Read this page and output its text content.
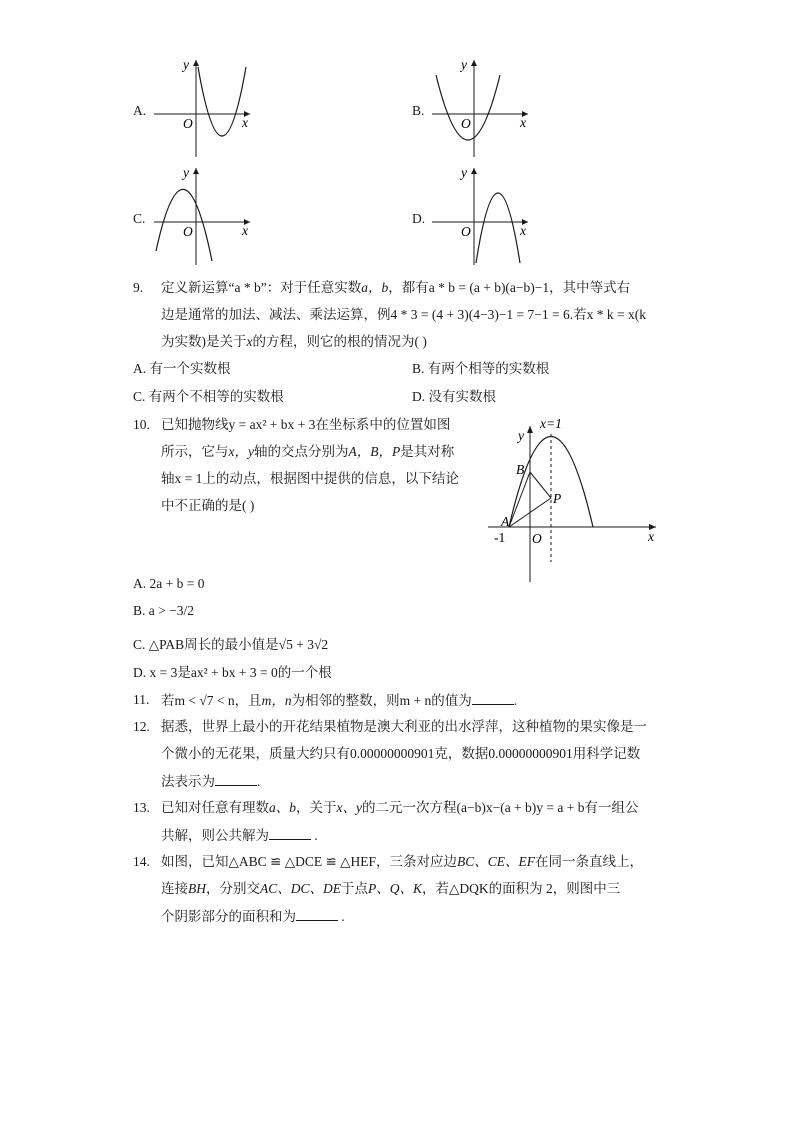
A.
y
x
O
B.
y
x
O
C.
y
x
O
D.
y
x
O
9. 定义新运算“a * b”：对于任意实数a，b，都有a * b = (a + b)(a−b)−1，其中等式右
边是通常的加法、减法、乘法运算，例4 * 3 = (4 + 3)(4−3)−1 = 7−1 = 6.若x * k = x(k
为实数)是关于x的方程，则它的根的情况为( )
A. 有一个实数根	B. 有两个相等的实数根
C. 有两个不相等的实数根	D. 没有实数根
10. 已知抛物线y = ax² + bx + 3在坐标系中的位置如图
所示，它与x，y轴的交点分别为A，B，P是其对称
轴x = 1上的动点，根据图中提供的信息，以下结论
中不正确的是( )
x=1
y
x
O
-1
A
B
P
A. 2a + b = 0
B. a > −3/2
C. △PAB周长的最小值是√5 + 3√2
D. x = 3是ax² + bx + 3 = 0的一个根
11. 若m < √7 < n，且m，n为相邻的整数，则m + n的值为	.
12. 据悉，世界上最小的开花结果植物是澳大利亚的出水浮萍，这种植物的果实像是一
个微小的无花果，质量大约只有0.00000000901克，数据0.00000000901用科学记数
法表示为	.
13. 已知对任意有理数a、b，关于x、y的二元一次方程(a−b)x−(a + b)y = a + b有一组公
共解，则公共解为	.
14. 如图，已知△ABC ≌ △DCE ≌ △HEF，三条对应边BC、CE、EF在同一条直线上，
连接BH，分别交AC、DC、DE于点P、Q、K，若△DQK的面积为 2，则图中三
个阴影部分的面积和为	.
